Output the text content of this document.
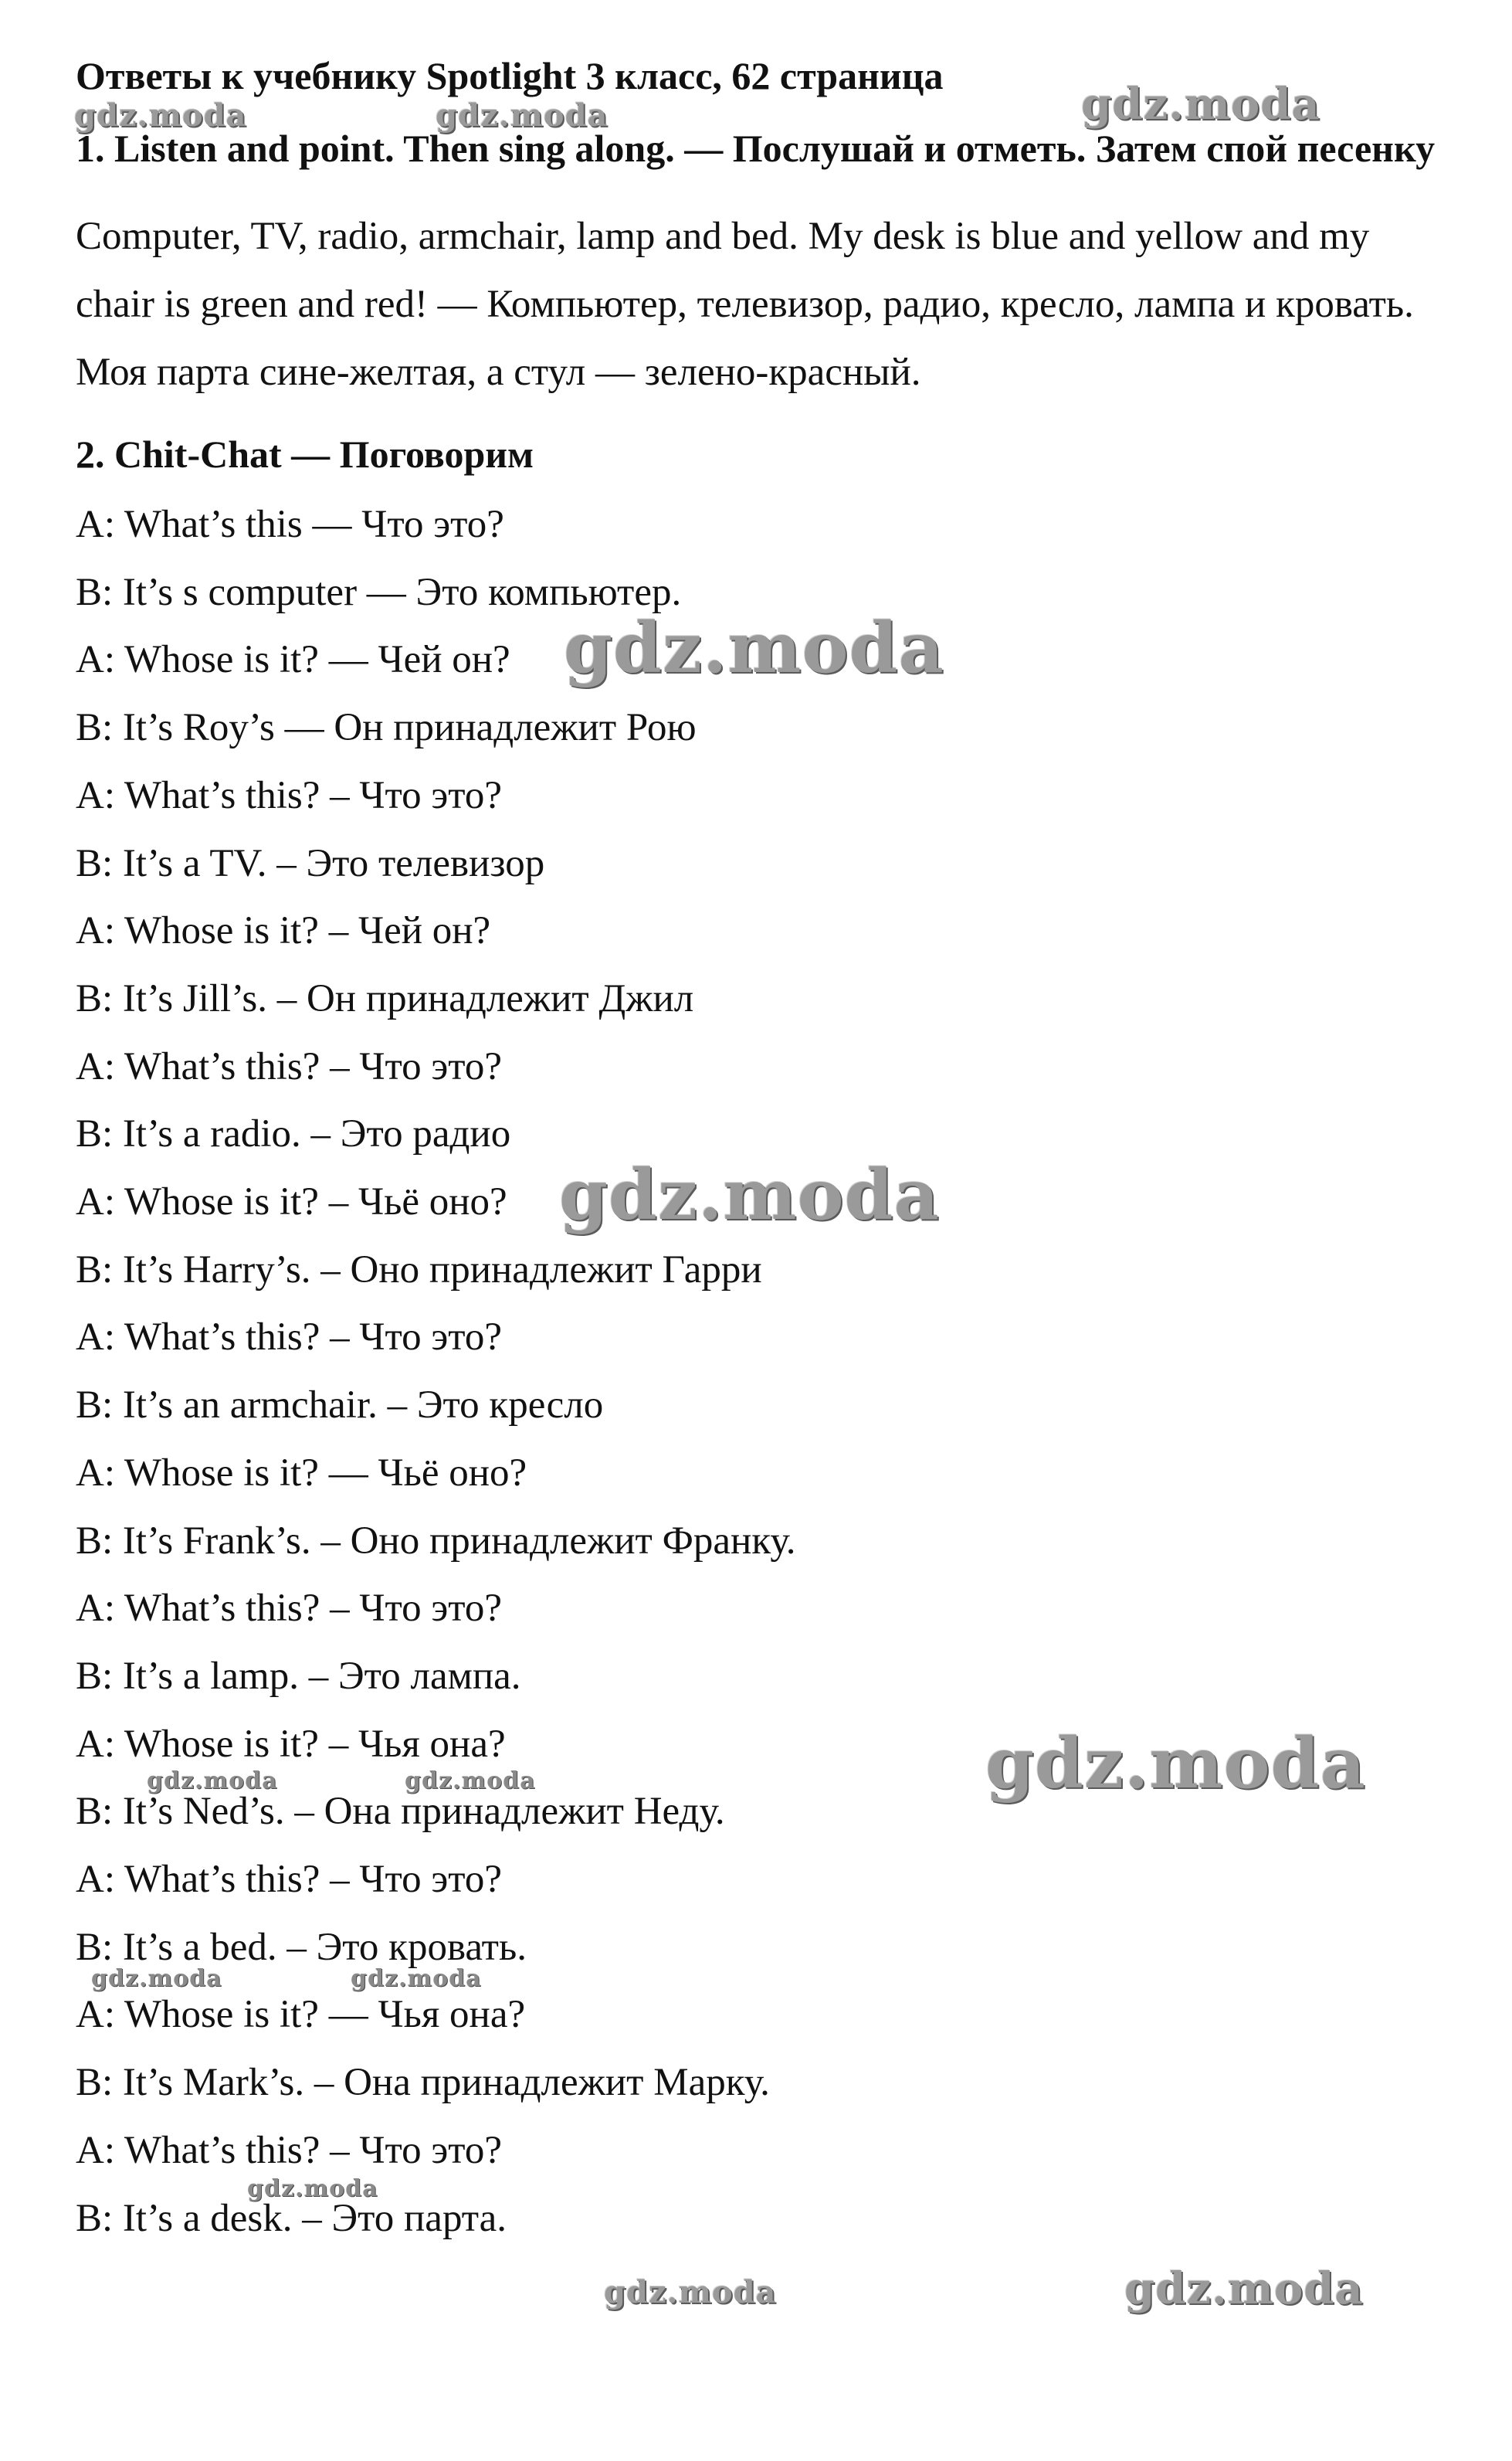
Ответы к учебнику Spotlight 3 класс, 62 страница
1. Listen and point. Then sing along. — Послушай и отметь. Затем спой песенку

Computer, TV, radio, armchair, lamp and bed. My desk is blue and yellow and my chair is green and red! — Компьютер, телевизор, радио, кресло, лампа и кровать. Моя парта сине-желтая, а стул — зелено-красный.

2. Chit-Chat — Поговорим
A: What’s this — Что это?
B: It’s s computer — Это компьютер.
A: Whose is it? — Чей он?
B: It’s Roy’s — Он принадлежит Рою
A: What’s this? – Что это?
B: It’s a TV. – Это телевизор
A: Whose is it? – Чей он?
B: It’s Jill’s. – Он принадлежит Джил
A: What’s this? – Что это?
B: It’s a radio. – Это радио
A: Whose is it? – Чьё оно?
B: It’s Harry’s. – Оно принадлежит Гарри
A: What’s this? – Что это?
B: It’s an armchair. – Это кресло
A: Whose is it? — Чьё оно?
B: It’s Frank’s. – Оно принадлежит Франку.
A: What’s this? – Что это?
B: It’s a lamp. – Это лампа.
A: Whose is it? – Чья она?
B: It’s Ned’s. – Она принадлежит Неду.
A: What’s this? – Что это?
B: It’s a bed. – Это кровать.
A: Whose is it? — Чья она?
B: It’s Mark’s. – Она принадлежит Марку.
A: What’s this? – Что это?
B: It’s a desk. – Это парта.
gdz.moda	gdz.moda	gdz.moda
gdz.moda
gdz.moda
gdz.moda
gdz.moda	gdz.moda
gdz.moda	gdz.moda
gdz.moda
gdz.moda	gdz.moda
